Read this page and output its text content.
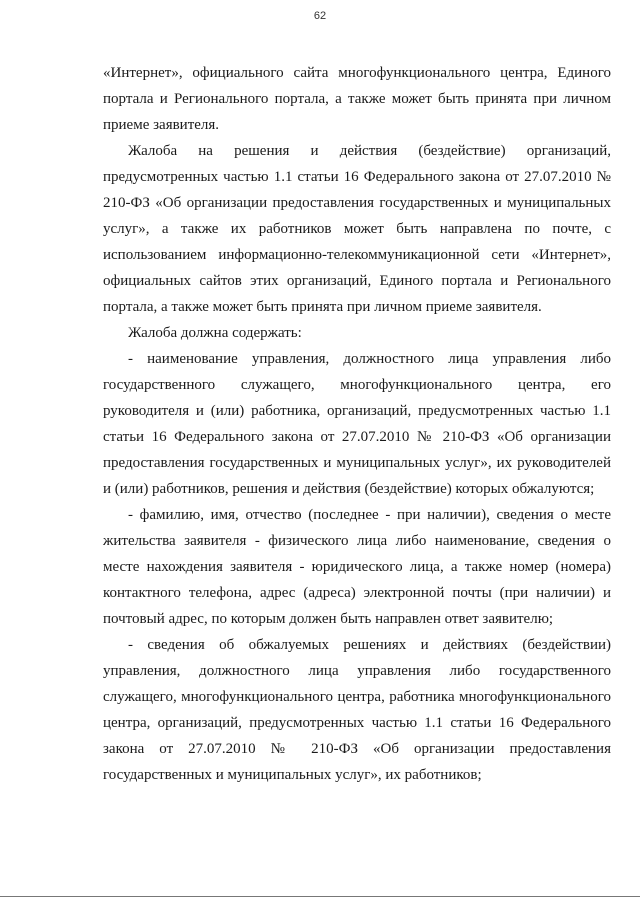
62

«Интернет», официального сайта многофункционального центра, Единого портала и Регионального портала, а также может быть принята при личном приеме заявителя.

Жалоба на решения и действия (бездействие) организаций, предусмотренных частью 1.1 статьи 16 Федерального закона от 27.07.2010 № 210-ФЗ «Об организации предоставления государственных и муниципальных услуг», а также их работников может быть направлена по почте, с использованием информационно-телекоммуникационной сети «Интернет», официальных сайтов этих организаций, Единого портала и Регионального портала, а также может быть принята при личном приеме заявителя.

Жалоба должна содержать:

- наименование управления, должностного лица управления либо государственного служащего, многофункционального центра, его руководителя и (или) работника, организаций, предусмотренных частью 1.1 статьи 16 Федерального закона от 27.07.2010 № 210-ФЗ «Об организации предоставления государственных и муниципальных услуг», их руководителей и (или) работников, решения и действия (бездействие) которых обжалуются;

- фамилию, имя, отчество (последнее - при наличии), сведения о месте жительства заявителя - физического лица либо наименование, сведения о месте нахождения заявителя - юридического лица, а также номер (номера) контактного телефона, адрес (адреса) электронной почты (при наличии) и почтовый адрес, по которым должен быть направлен ответ заявителю;

- сведения об обжалуемых решениях и действиях (бездействии) управления, должностного лица управления либо государственного служащего, многофункционального центра, работника многофункционального центра, организаций, предусмотренных частью 1.1 статьи 16 Федерального закона от 27.07.2010 № 210-ФЗ «Об организации предоставления государственных и муниципальных услуг», их работников;
